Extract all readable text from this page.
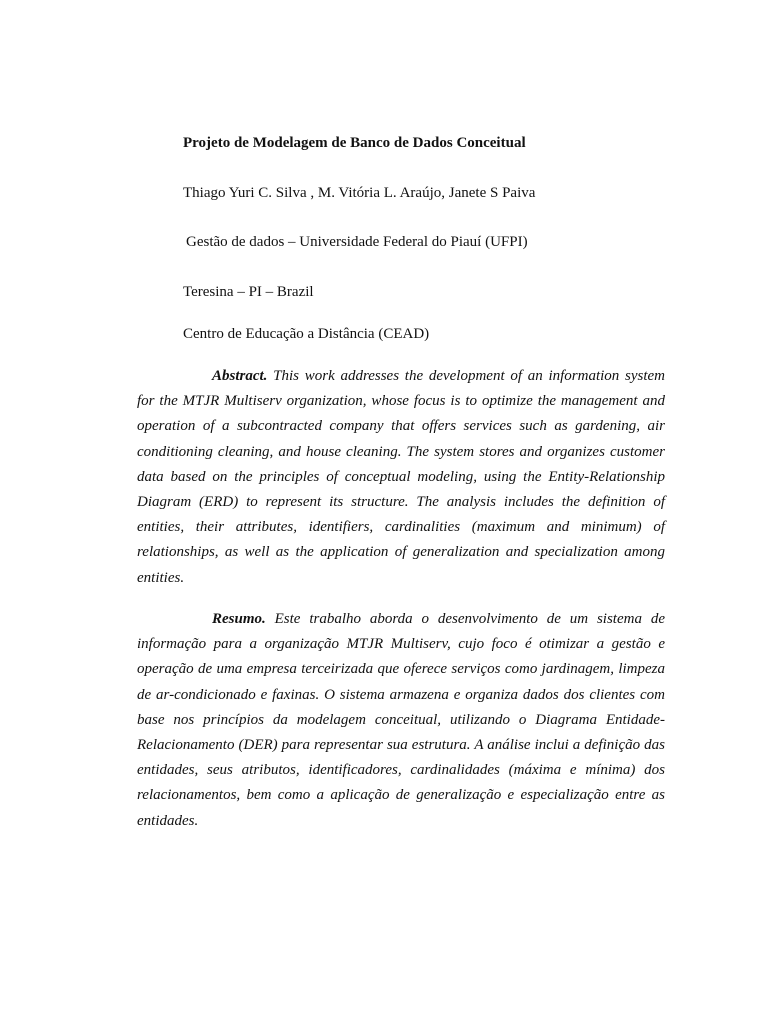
Projeto de Modelagem de Banco de Dados Conceitual
Thiago Yuri C. Silva , M. Vitória L. Araújo, Janete S Paiva
Gestão de dados – Universidade Federal do Piauí (UFPI)
Teresina – PI – Brazil
Centro de Educação a Distância (CEAD)

Abstract. This work addresses the development of an information system for the MTJR Multiserv organization, whose focus is to optimize the management and operation of a subcontracted company that offers services such as gardening, air conditioning cleaning, and house cleaning. The system stores and organizes customer data based on the principles of conceptual modeling, using the Entity-Relationship Diagram (ERD) to represent its structure. The analysis includes the definition of entities, their attributes, identifiers, cardinalities (maximum and minimum) of relationships, as well as the application of generalization and specialization among entities.

Resumo. Este trabalho aborda o desenvolvimento de um sistema de informação para a organização MTJR Multiserv, cujo foco é otimizar a gestão e operação de uma empresa terceirizada que oferece serviços como jardinagem, limpeza de ar-condicionado e faxinas. O sistema armazena e organiza dados dos clientes com base nos princípios da modelagem conceitual, utilizando o Diagrama Entidade-Relacionamento (DER) para representar sua estrutura. A análise inclui a definição das entidades, seus atributos, identificadores, cardinalidades (máxima e mínima) dos relacionamentos, bem como a aplicação de generalização e especialização entre as entidades.
